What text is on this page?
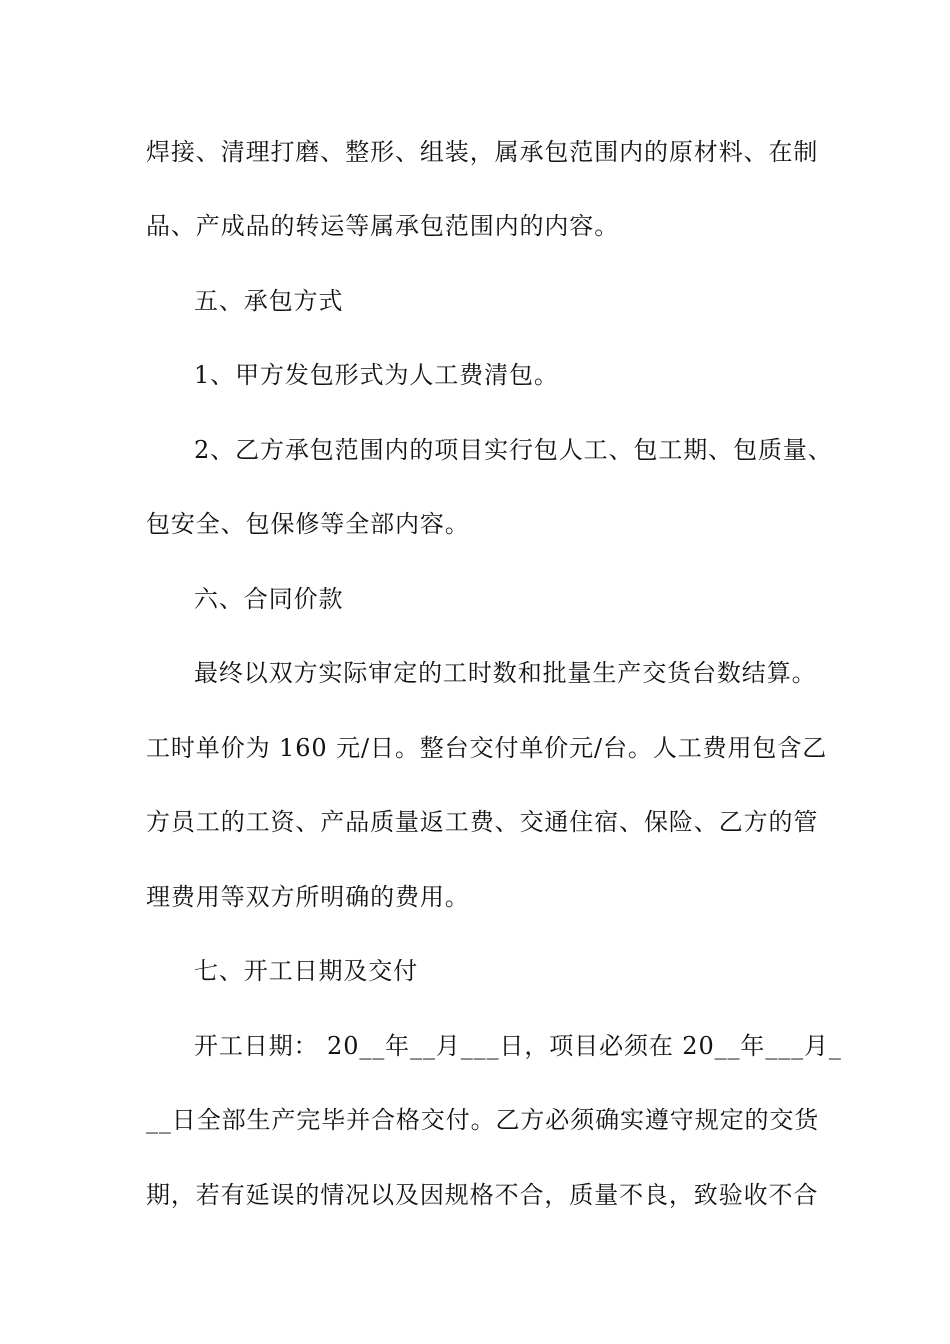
焊接、清理打磨、整形、组装，属承包范围内的原材料、在制
品、产成品的转运等属承包范围内的内容。
五、承包方式
1、甲方发包形式为人工费清包。
2、乙方承包范围内的项目实行包人工、包工期、包质量、
包安全、包保修等全部内容。
六、合同价款
最终以双方实际审定的工时数和批量生产交货台数结算。
工时单价为 160 元/日。整台交付单价元/台。人工费用包含乙
方员工的工资、产品质量返工费、交通住宿、保险、乙方的管
理费用等双方所明确的费用。
七、开工日期及交付
开工日期： 20__年__月___日，项目必须在 20__年___月_
__日全部生产完毕并合格交付。乙方必须确实遵守规定的交货
期，若有延误的情况以及因规格不合，质量不良，致验收不合
